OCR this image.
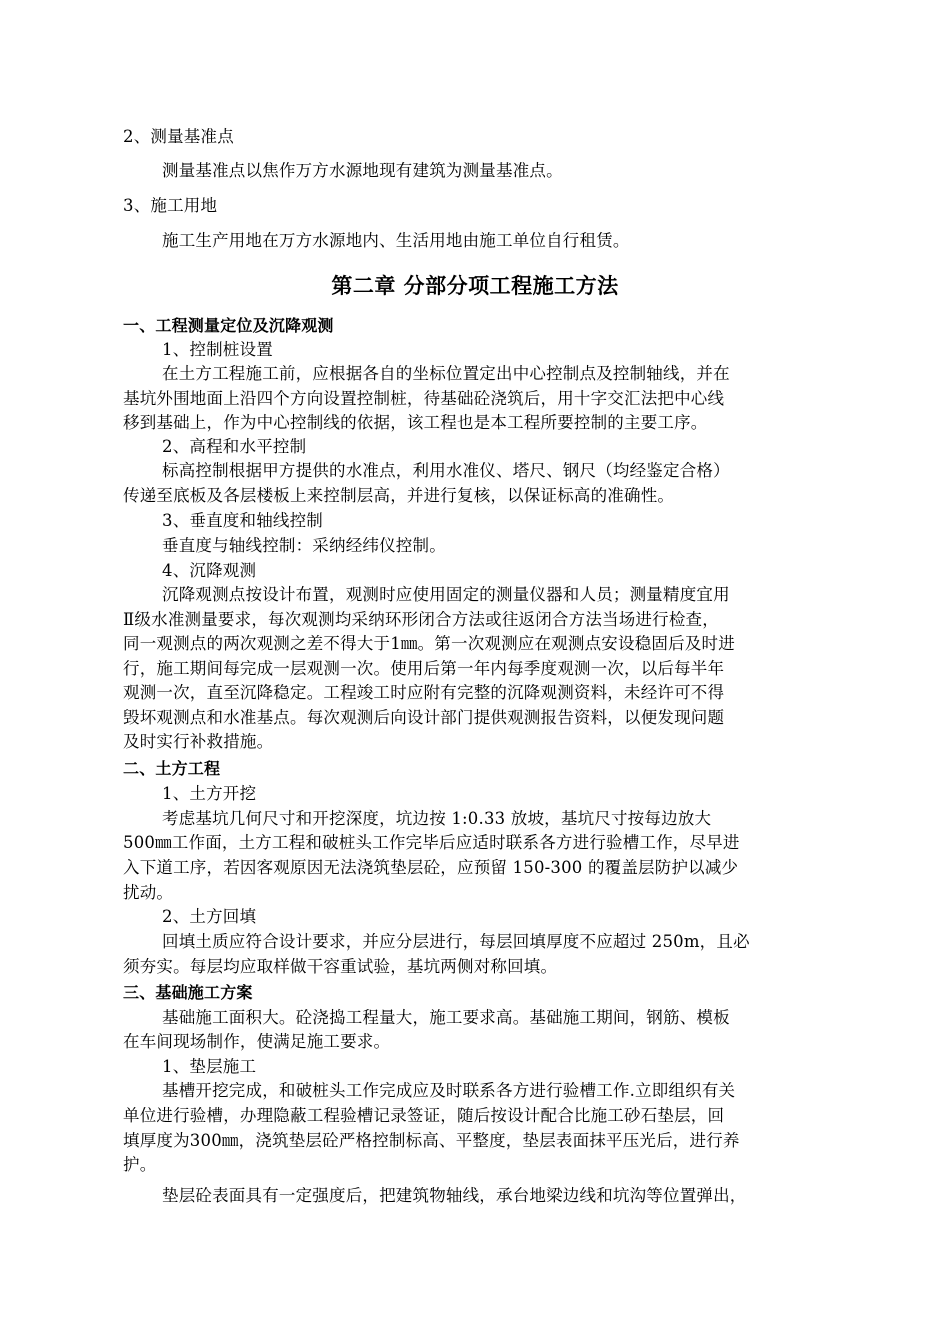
2、测量基准点
测量基准点以焦作万方水源地现有建筑为测量基准点。
3、施工用地
施工生产用地在万方水源地内、生活用地由施工单位自行租赁。
第二章 分部分项工程施工方法
一、工程测量定位及沉降观测
1、控制桩设置
在土方工程施工前，应根据各自的坐标位置定出中心控制点及控制轴线，并在
基坑外围地面上沿四个方向设置控制桩，待基础砼浇筑后，用十字交汇法把中心线
移到基础上，作为中心控制线的依据，该工程也是本工程所要控制的主要工序。
2、高程和水平控制
标高控制根据甲方提供的水准点，利用水准仪、塔尺、钢尺（均经鉴定合格）
传递至底板及各层楼板上来控制层高，并进行复核，以保证标高的准确性。
3、垂直度和轴线控制
垂直度与轴线控制：采纳经纬仪控制。
4、沉降观测
沉降观测点按设计布置，观测时应使用固定的测量仪器和人员；测量精度宜用
Ⅱ级水准测量要求，每次观测均采纳环形闭合方法或往返闭合方法当场进行检查，
同一观测点的两次观测之差不得大于1㎜。第一次观测应在观测点安设稳固后及时进
行，施工期间每完成一层观测一次。使用后第一年内每季度观测一次，以后每半年
观测一次，直至沉降稳定。工程竣工时应附有完整的沉降观测资料，未经许可不得
毁坏观测点和水准基点。每次观测后向设计部门提供观测报告资料，以便发现问题
及时实行补救措施。
二、土方工程
1、土方开挖
考虑基坑几何尺寸和开挖深度，坑边按 1:0.33 放坡，基坑尺寸按每边放大
500㎜工作面，土方工程和破桩头工作完毕后应适时联系各方进行验槽工作，尽早进
入下道工序，若因客观原因无法浇筑垫层砼，应预留 150-300 的覆盖层防护以减少
扰动。
2、土方回填
回填土质应符合设计要求，并应分层进行，每层回填厚度不应超过 250m，且必
须夯实。每层均应取样做干容重试验，基坑两侧对称回填。
三、基础施工方案
基础施工面积大。砼浇捣工程量大，施工要求高。基础施工期间，钢筋、模板
在车间现场制作，使满足施工要求。
1、垫层施工
基槽开挖完成，和破桩头工作完成应及时联系各方进行验槽工作.立即组织有关
单位进行验槽，办理隐蔽工程验槽记录签证，随后按设计配合比施工砂石垫层，回
填厚度为300㎜，浇筑垫层砼严格控制标高、平整度，垫层表面抹平压光后，进行养
护。
垫层砼表面具有一定强度后，把建筑物轴线，承台地梁边线和坑沟等位置弹出，
